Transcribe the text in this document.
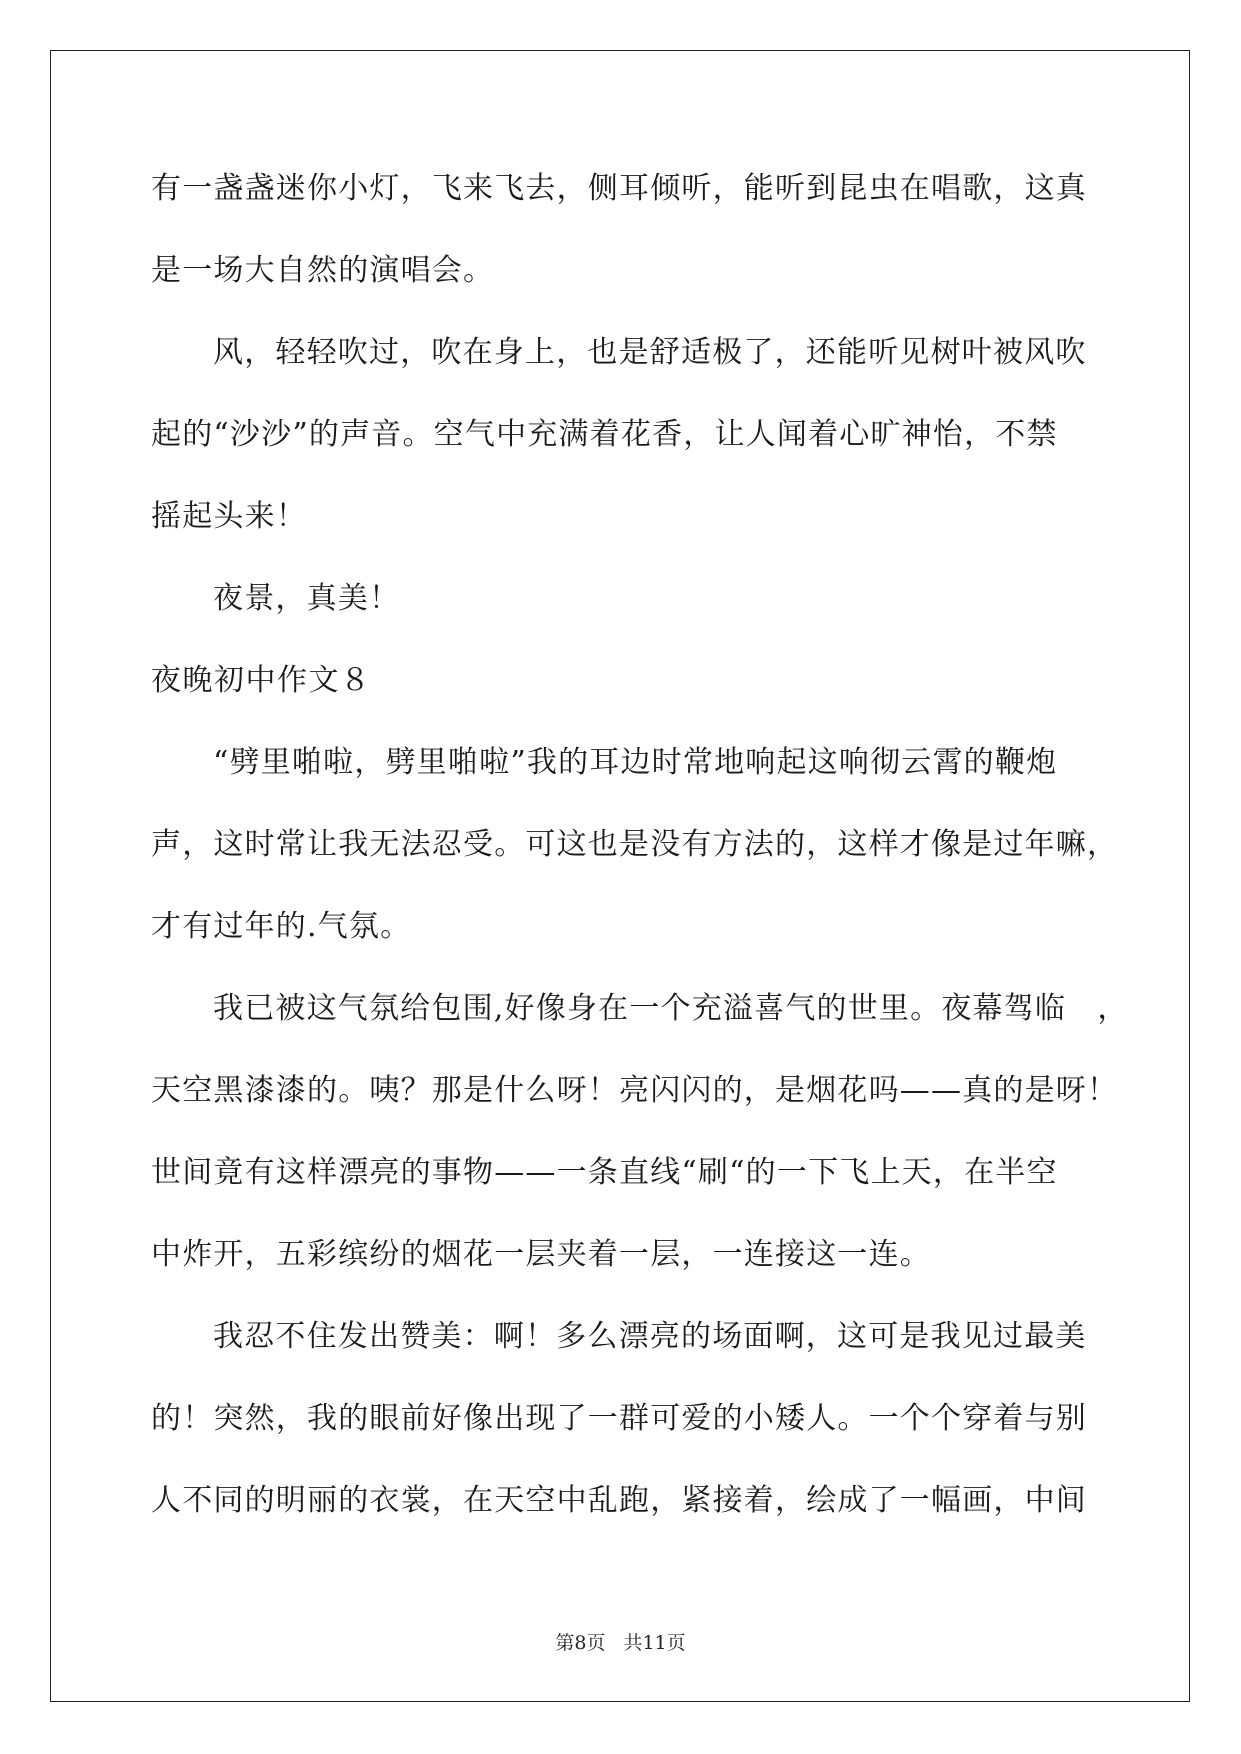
有一盏盏迷你小灯，飞来飞去，侧耳倾听，能听到昆虫在唱歌，这真
是一场大自然的演唱会。
风，轻轻吹过，吹在身上，也是舒适极了，还能听见树叶被风吹
起的“沙沙”的声音。空气中充满着花香，让人闻着心旷神怡，不禁
摇起头来！
夜景，真美！
夜晚初中作文８
“劈里啪啦，劈里啪啦”我的耳边时常地响起这响彻云霄的鞭炮
声，这时常让我无法忍受。可这也是没有方法的，这样才像是过年嘛，
才有过年的.气氛。
我已被这气氛给包围,好像身在一个充溢喜气的世里。夜幕驾临　，
天空黑漆漆的。咦？那是什么呀！亮闪闪的，是烟花吗——真的是呀！
世间竟有这样漂亮的事物——一条直线“刷“的一下飞上天，在半空
中炸开，五彩缤纷的烟花一层夹着一层，一连接这一连。
我忍不住发出赞美：啊！多么漂亮的场面啊，这可是我见过最美
的！突然，我的眼前好像出现了一群可爱的小矮人。一个个穿着与别
人不同的明丽的衣裳，在天空中乱跑，紧接着，绘成了一幅画，中间
第8页 共11页
